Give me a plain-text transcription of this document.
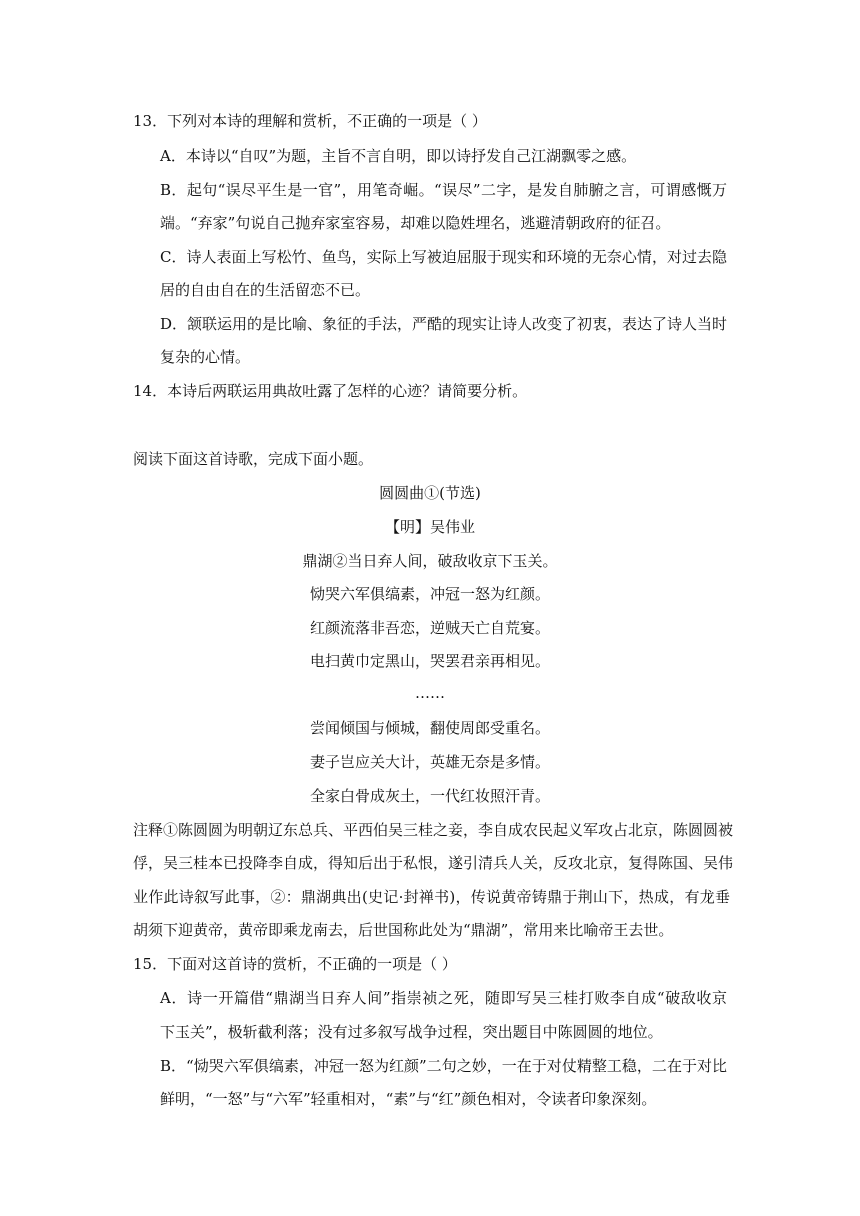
13．下列对本诗的理解和赏析，不正确的一项是（ ）
A．本诗以“自叹”为题，主旨不言自明，即以诗抒发自己江湖飘零之感。
B．起句“误尽平生是一官”，用笔奇崛。“误尽”二字，是发自肺腑之言，可谓感慨万
端。“弃家”句说自己抛弃家室容易，却难以隐姓埋名，逃避清朝政府的征召。
C．诗人表面上写松竹、鱼鸟，实际上写被迫屈服于现实和环境的无奈心情，对过去隐
居的自由自在的生活留恋不已。
D．颔联运用的是比喻、象征的手法，严酷的现实让诗人改变了初衷，表达了诗人当时
复杂的心情。
14．本诗后两联运用典故吐露了怎样的心迹？请简要分析。
阅读下面这首诗歌，完成下面小题。
圆圆曲①(节选)
【明】吴伟业
鼎湖②当日弃人间，破敌收京下玉关。
恸哭六军俱缟素，冲冠一怒为红颜。
红颜流落非吾恋，逆贼天亡自荒宴。
电扫黄巾定黑山，哭罢君亲再相见。
……
尝闻倾国与倾城，翻使周郎受重名。
妻子岂应关大计，英雄无奈是多情。
全家白骨成灰土，一代红妆照汗青。
注释①陈圆圆为明朝辽东总兵、平西伯吴三桂之妾，李自成农民起义军攻占北京，陈圆圆被
俘，吴三桂本已投降李自成，得知后出于私恨，遂引清兵人关，反攻北京，复得陈国、吴伟
业作此诗叙写此事，②：鼎湖典出(史记·封禅书)，传说黄帝铸鼎于荆山下，热成，有龙垂
胡须下迎黄帝，黄帝即乘龙南去，后世国称此处为“鼎湖”，常用来比喻帝王去世。
15．下面对这首诗的赏析，不正确的一项是（ ）
A．诗一开篇借“鼎湖当日弃人间”指崇祯之死，随即写吴三桂打败李自成“破敌收京
下玉关”，极斩截利落；没有过多叙写战争过程，突出题目中陈圆圆的地位。
B．“恸哭六军俱缟素，冲冠一怒为红颜”二句之妙，一在于对仗精整工稳，二在于对比
鲜明，“一怒”与“六军”轻重相对，“素”与“红”颜色相对，令读者印象深刻。
